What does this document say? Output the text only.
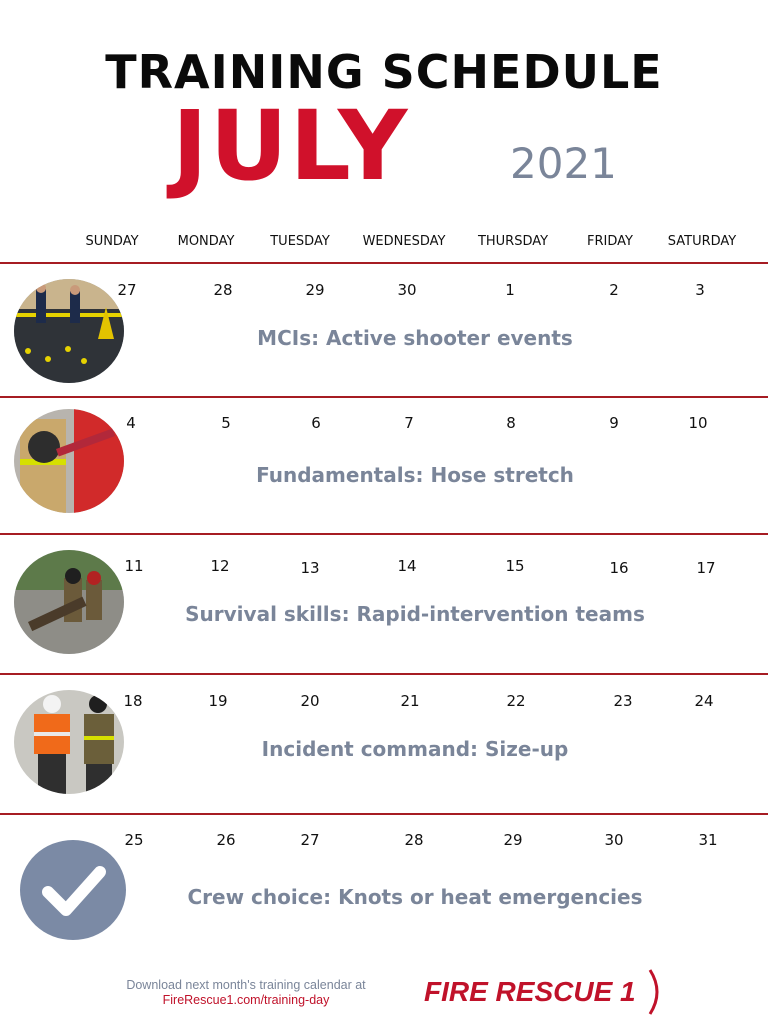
TRAINING SCHEDULE
JULY 2021
SUNDAY	MONDAY	TUESDAY	WEDNESDAY	THURSDAY	FRIDAY	SATURDAY
27	28	29	30	1	2	3
MCIs: Active shooter events
4	5	6	7	8	9	10
Fundamentals: Hose stretch
11	12	13	14	15	16	17
Survival skills: Rapid-intervention teams
18	19	20	21	22	23	24
Incident command: Size-up
25	26	27	28	29	30	31
Crew choice: Knots or heat emergencies
Download next month's training calendar at
FireRescue1.com/training-day	FIRE RESCUE 1
